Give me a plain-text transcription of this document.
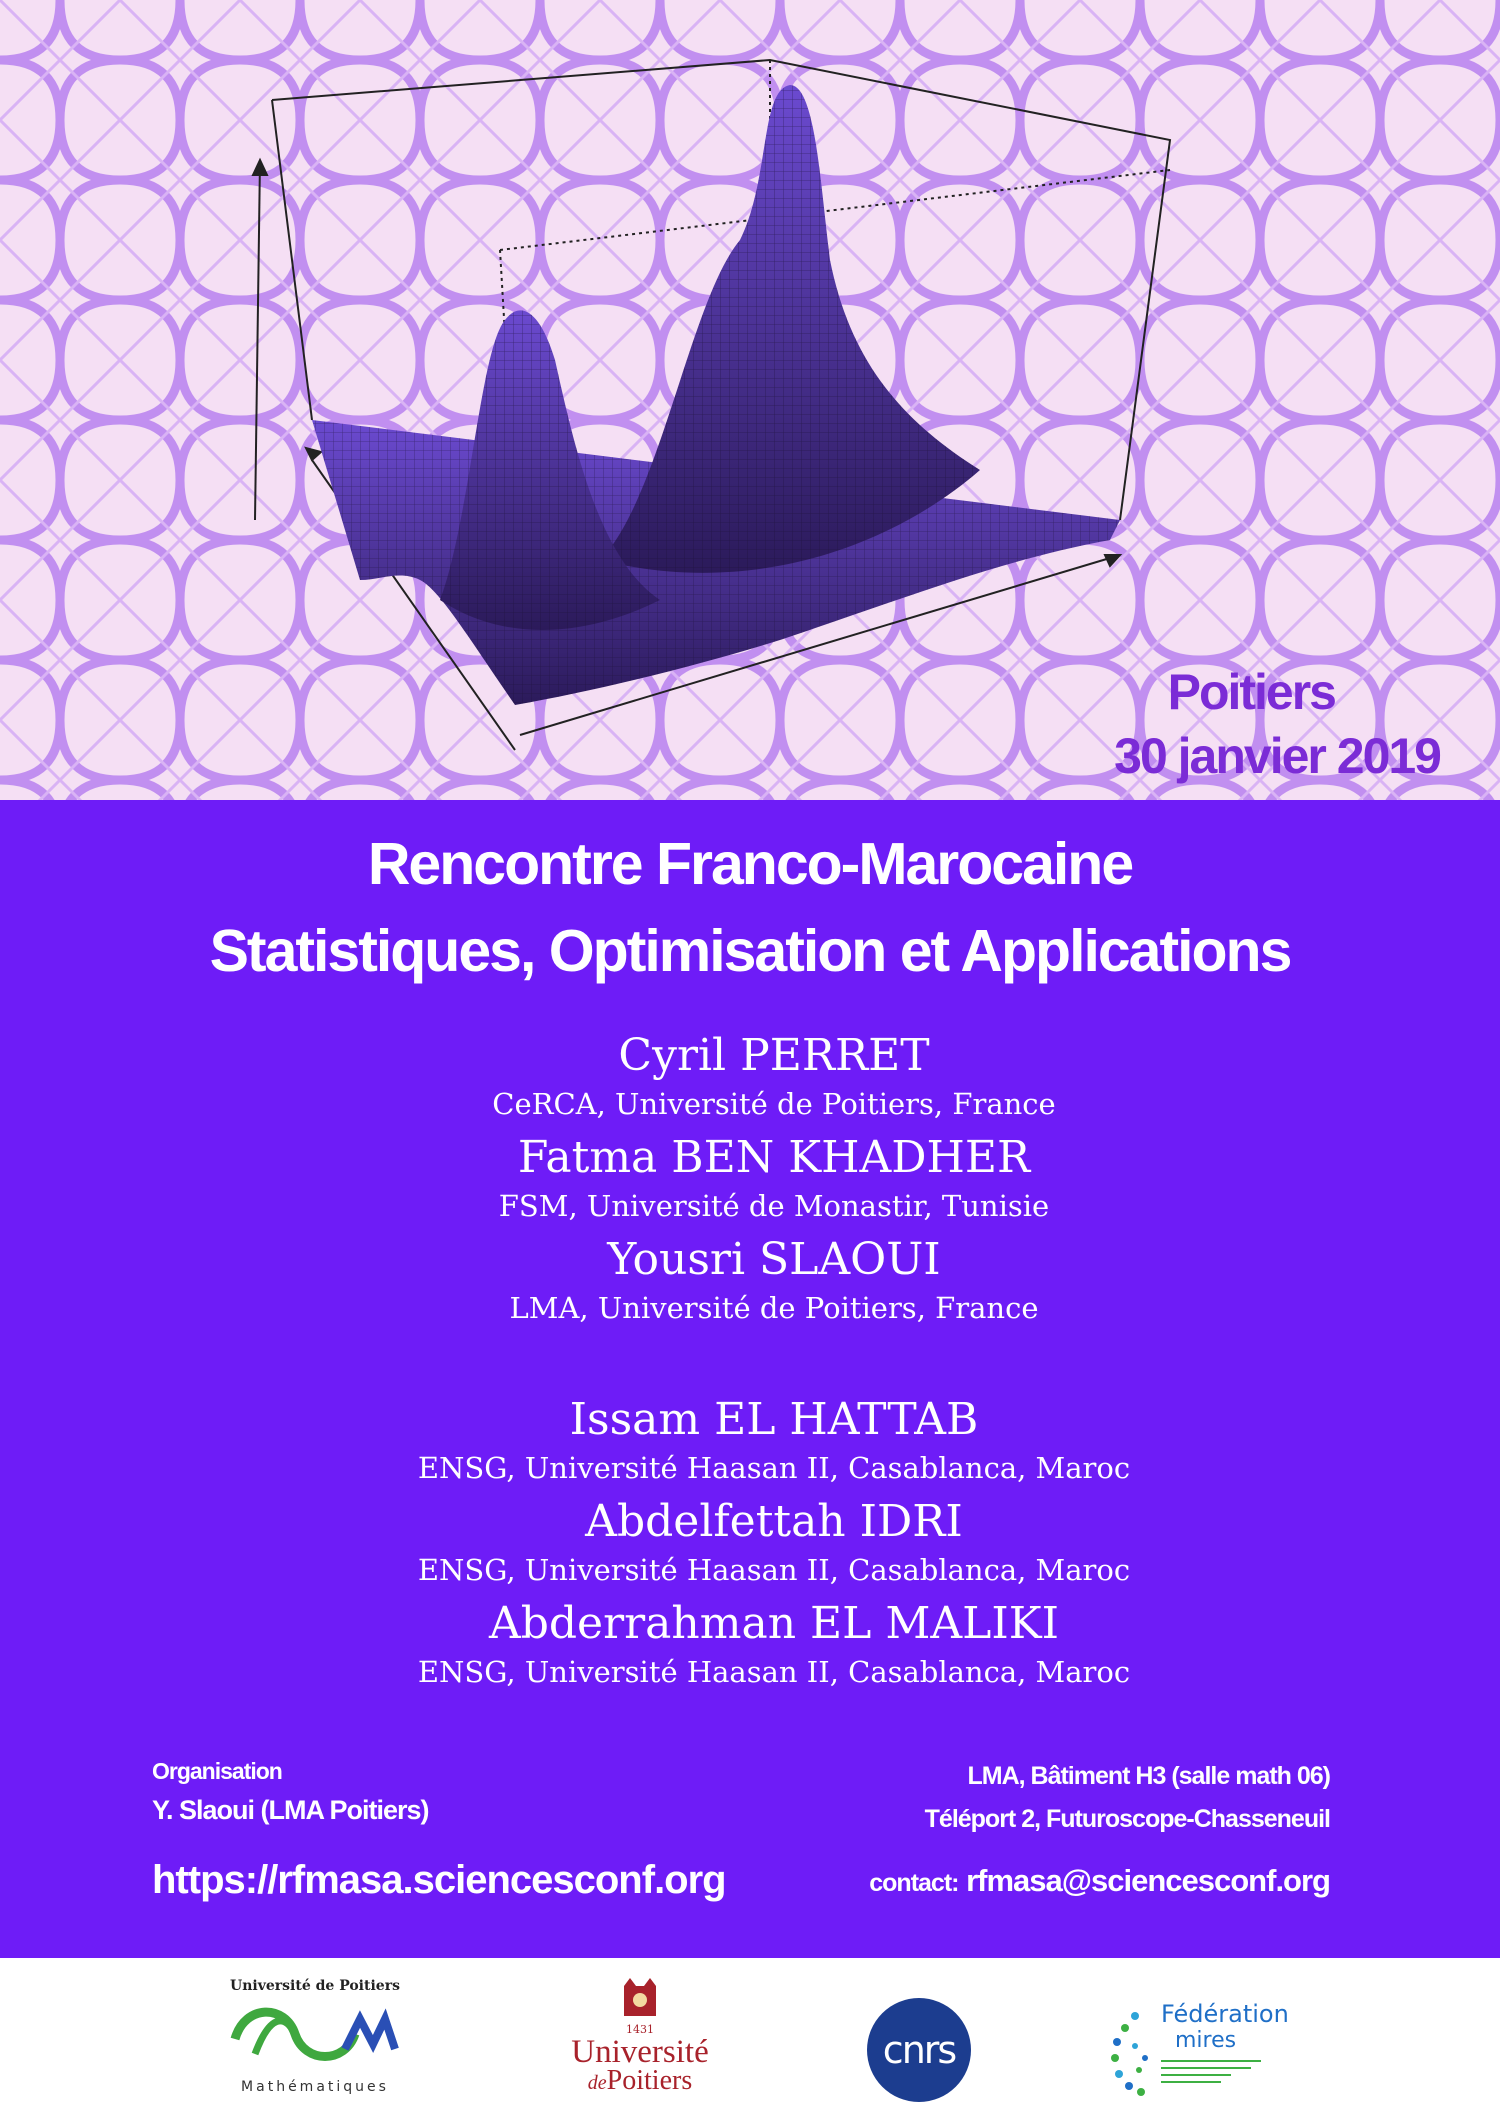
Poitiers
30 janvier 2019
Rencontre Franco-Marocaine
Statistiques, Optimisation et Applications
Cyril PERRET
CeRCA, Université de Poitiers, France
Fatma BEN KHADHER
FSM, Université de Monastir, Tunisie
Yousri SLAOUI
LMA, Université de Poitiers, France
Issam EL HATTAB
ENSG, Université Haasan II, Casablanca, Maroc
Abdelfettah IDRI
ENSG, Université Haasan II, Casablanca, Maroc
Abderrahman EL MALIKI
ENSG, Université Haasan II, Casablanca, Maroc
Organisation
Y. Slaoui (LMA Poitiers)
LMA, Bâtiment H3 (salle math 06)
Téléport 2, Futuroscope-Chasseneuil
https://rfmasa.sciencesconf.org	contact: rfmasa@sciencesconf.org
Université de Poitiers
Mathématiques
1431
Université
dePoitiers
cnrs
Fédération
mires
